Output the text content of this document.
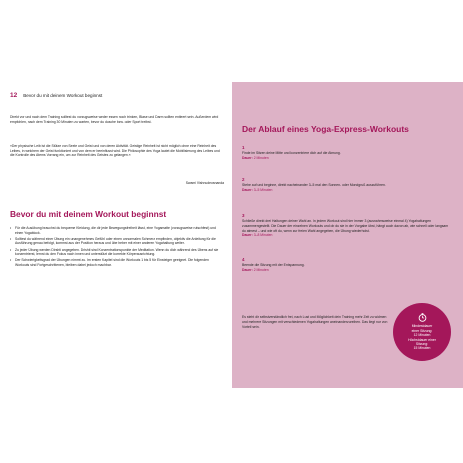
12 Bevor du mit deinem Workout beginnst
Direkt vor und nach dem Training solltest du vorzugsweise weder essen noch trinken, Blase und Darm sollten entleert sein. Außerdem wird empfohlen, nach dem Training 30 Minuten zu warten, bevor du dusche bzw. oder Sport treibst.
»Der physische Leib ist die Stütze von Seele und Geist und von deren Aktivität. Geistige Reinheit ist nicht möglich ohne eine Reinheit des Leibes, in welchem der Geist funktioniert und von dem er beeinflusst wird. Die Philosophie des Yoga lautet die Mobilisierung des Leibes und die Kontrolle des Atems Vorrang ein, um zur Reinheit des Geistes zu gelangen.«
Swami Vishnudevananda
Bevor du mit deinem Workout beginnst
• Für die Ausübung brauchst du bequeme Kleidung, die dir jede Bewegungsfreiheit lässt, eine Yogamatte (vorzugsweise rutschfest) und einen Yogablock.
• Solltest du während einer Übung ein unangenehmes Gefühl oder einen unnormalen Schmerz empfinden, objektiv die Anleitung für die Ausführung genau befolgt, kommst aus der Position heraus und übe heber mit einer anderen Yogahaltung weiter.
• Zu jeder Übung werden Dirshti angegeben. Drishti sind Konzentrationspunkte der Meditation. Wenn du dich während des Übens auf sie konzentrierst, lernst du den Fokus nach innen und unterstützt die korrekte Körperausrichtung.
• Der Schwierigkeitsgrad der Übungen nimmt zu. Im ersten Kapitel sind die Workouts 1 bis 5 für Einsteiger geeignet. Die folgenden Workouts sind Fortgeschrittenen, bleiben dabei jedoch machbar.
Der Ablauf eines Yoga-Express-Workouts
1
Finde im Sitzen deine Mitte und konzentriere dich auf die Atmung.
Dauer: 2 Minuten
2
Stehe auf und beginne, direkt nacheinander 3–5 mal den Sonnen- oder Mondgruß auszuführen.
Dauer: 3–5 Minuten
3
Schließe direkt drei Haltungen deiner Wahl an. In jedem Workout sind hier immer 3 (ausnahmsweise einmal 4) Yogahaltungen zusammengestellt. Die Dauer der einzelnen Workouts und ob du sie in der Vorgabe übst, hängt auch davon ab, wie schnell oder langsam du atmest – und wie oft du, wenn zur freien Wahl angegeben, die Übung wiederholst.
Dauer: 3–8 Minuten
4
Beende die Sitzung mit der Entspannung.
Dauer: 2 Minuten
Es steht dir selbstverständlich frei, nach Lust und Möglichkeit dein Training mehr Zeit zu widmen und mehrere Sitzungen mit verschiedenen Yogahaltungen aneinanderzureihen. Das liegt nur von Vorteil sein.	Mindestdauer
einer Sitzung:
12 Minuten
Höchstdauer einer
Sitzung:
15 Minuten
